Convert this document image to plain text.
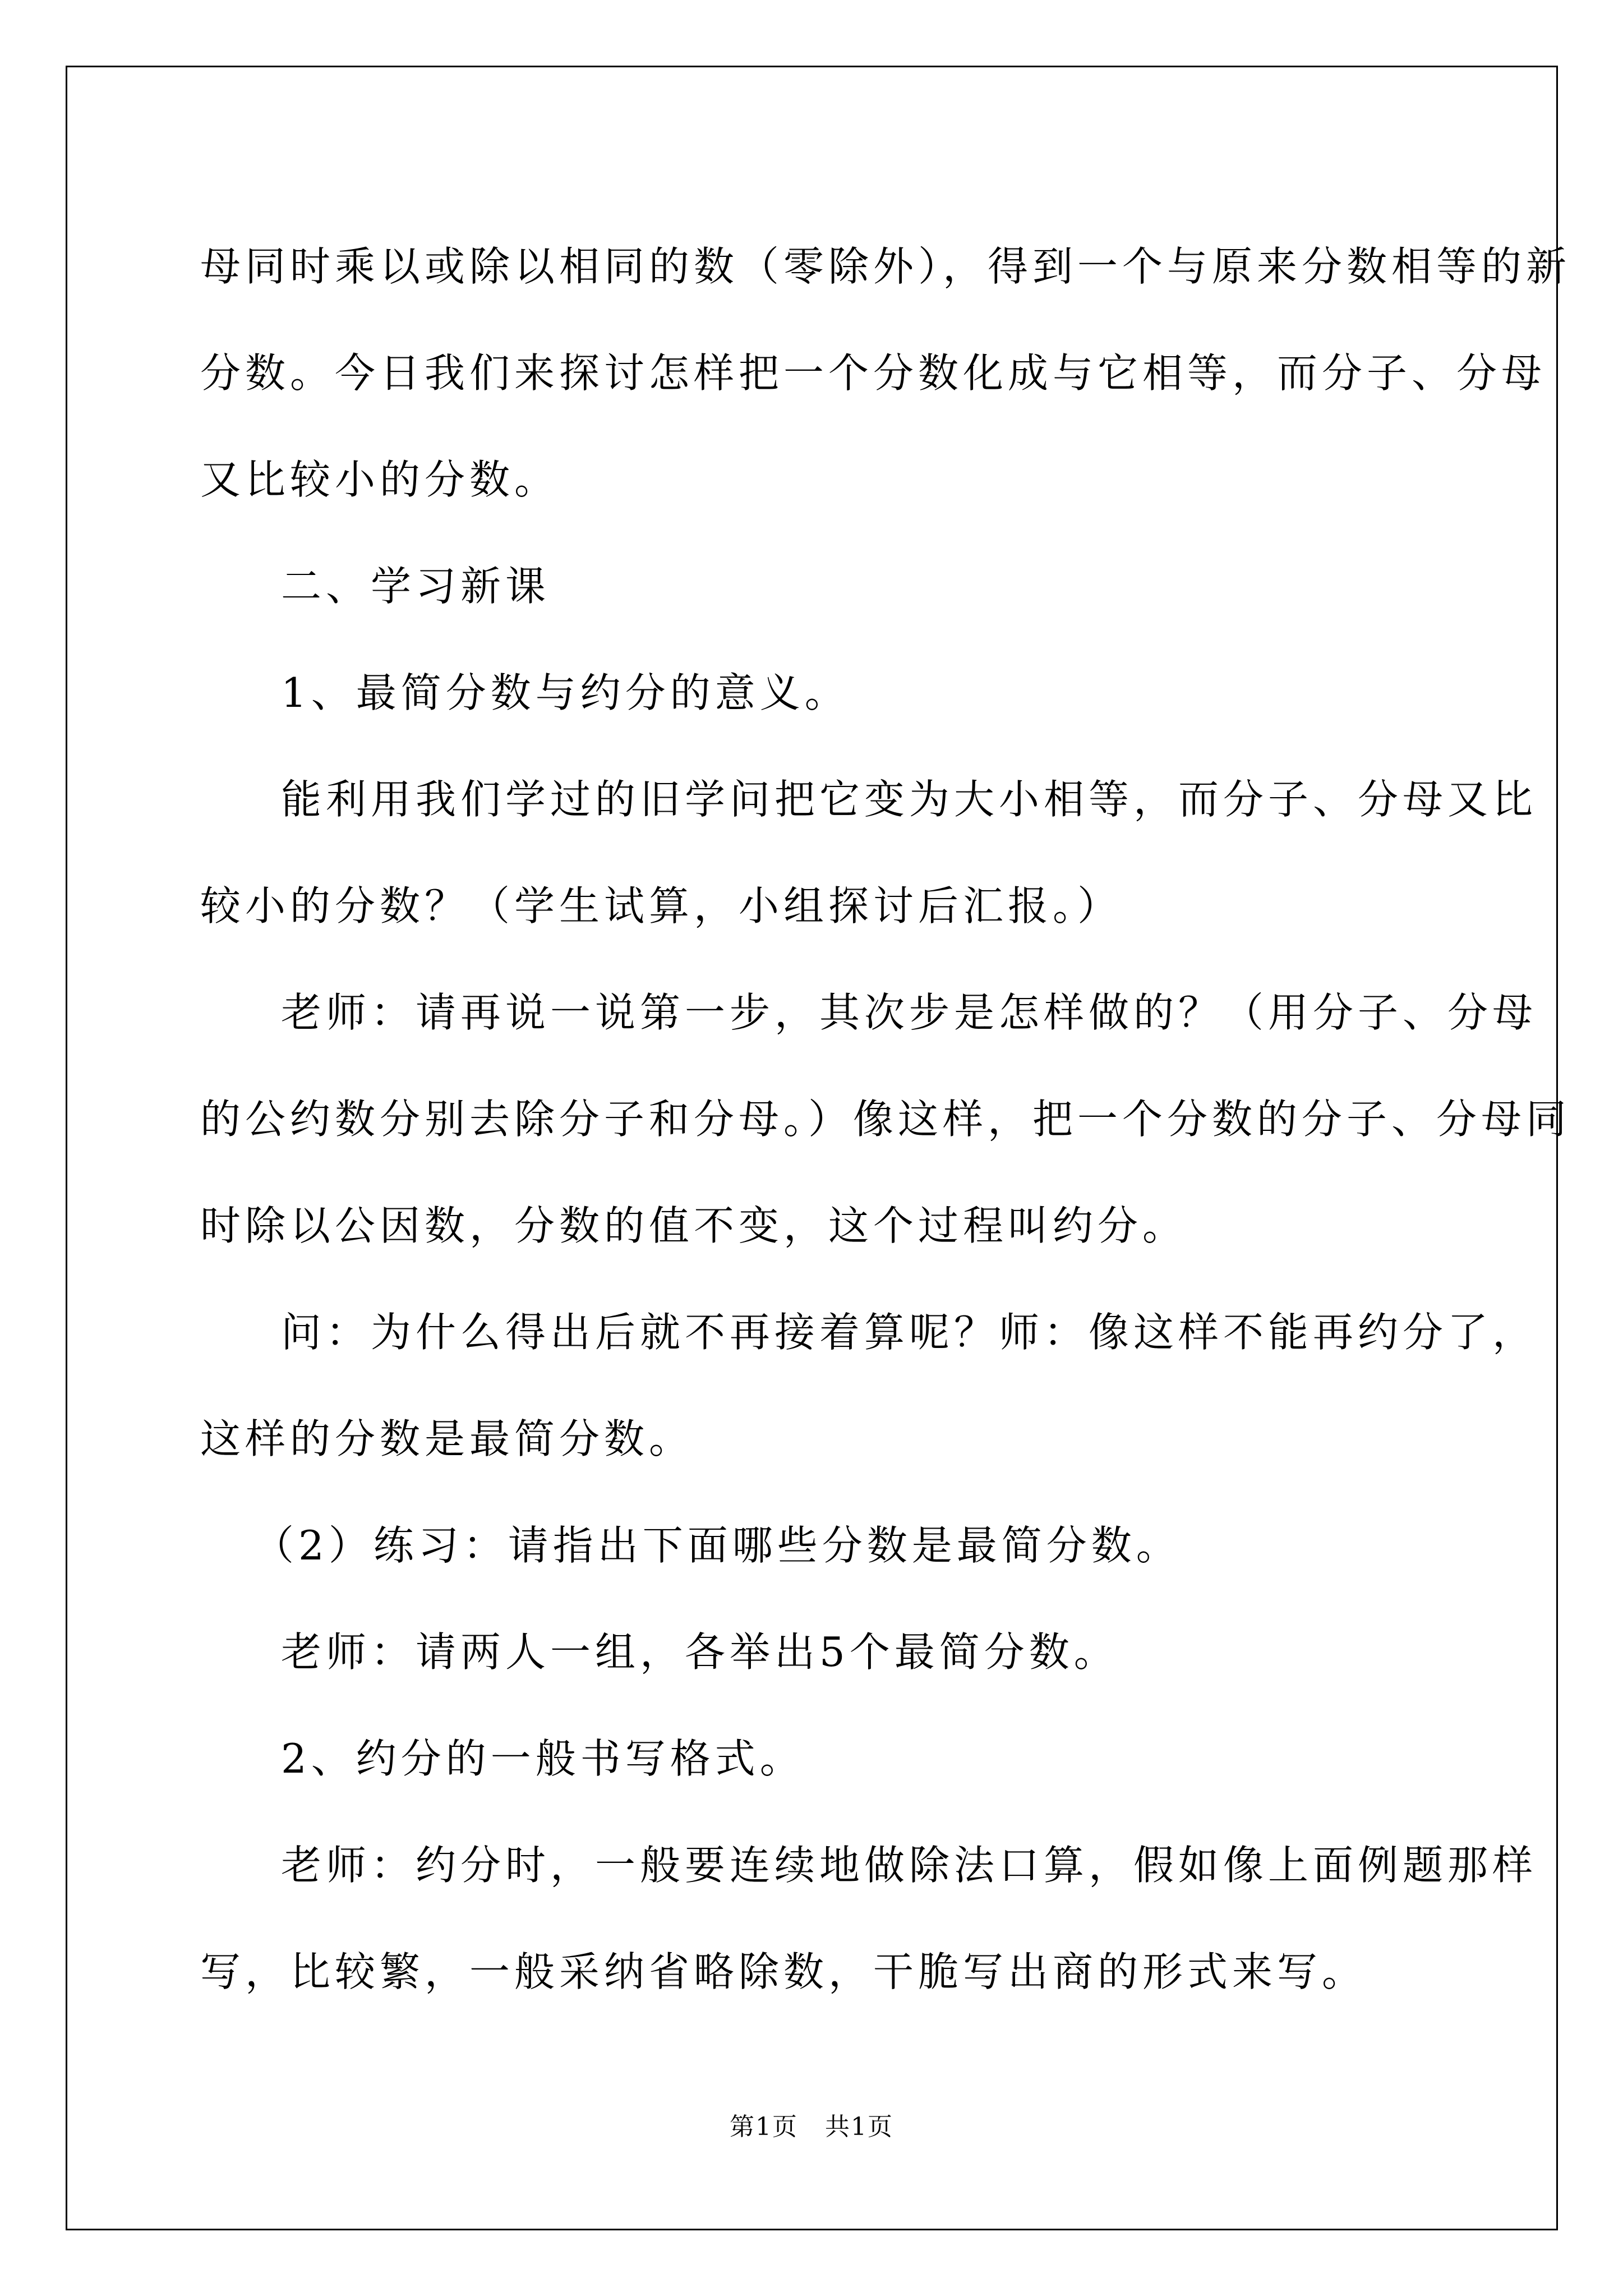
母同时乘以或除以相同的数（零除外），得到一个与原来分数相等的新

分数。今日我们来探讨怎样把一个分数化成与它相等，而分子、分母

又比较小的分数。

二、学习新课

1、最简分数与约分的意义。

能利用我们学过的旧学问把它变为大小相等，而分子、分母又比

较小的分数？（学生试算，小组探讨后汇报。）

老师：请再说一说第一步，其次步是怎样做的？（用分子、分母

的公约数分别去除分子和分母。）像这样，把一个分数的分子、分母同

时除以公因数，分数的值不变，这个过程叫约分。

问：为什么得出后就不再接着算呢？师：像这样不能再约分了，

这样的分数是最简分数。

（2）练习：请指出下面哪些分数是最简分数。

老师：请两人一组，各举出5个最简分数。

2、约分的一般书写格式。

老师：约分时，一般要连续地做除法口算，假如像上面例题那样

写，比较繁，一般采纳省略除数，干脆写出商的形式来写。

第1页 共1页
